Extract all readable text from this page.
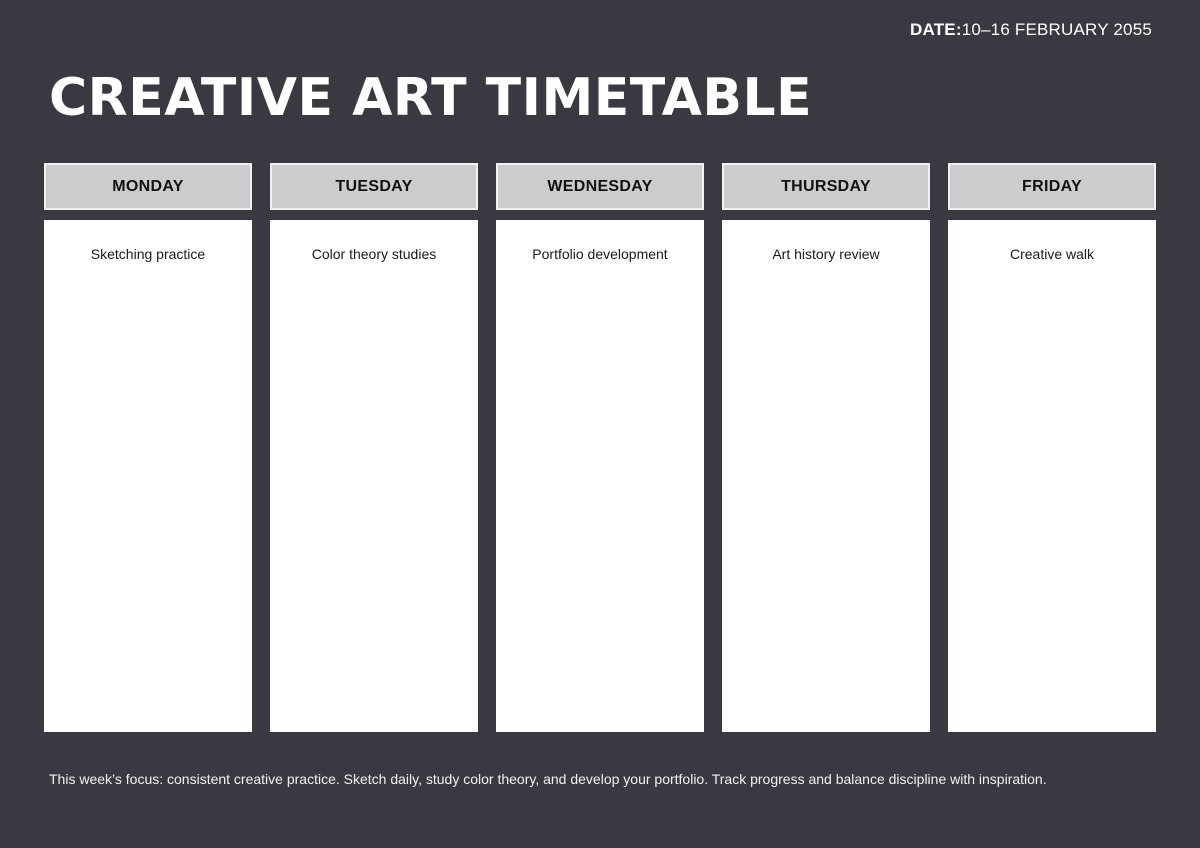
DATE:10–16 FEBRUARY 2055
CREATIVE ART TIMETABLE
MONDAY
Sketching practice
TUESDAY
Color theory studies
WEDNESDAY
Portfolio development
THURSDAY
Art history review
FRIDAY
Creative walk
This week’s focus: consistent creative practice. Sketch daily, study color theory, and develop your portfolio. Track progress and balance discipline with inspiration.
